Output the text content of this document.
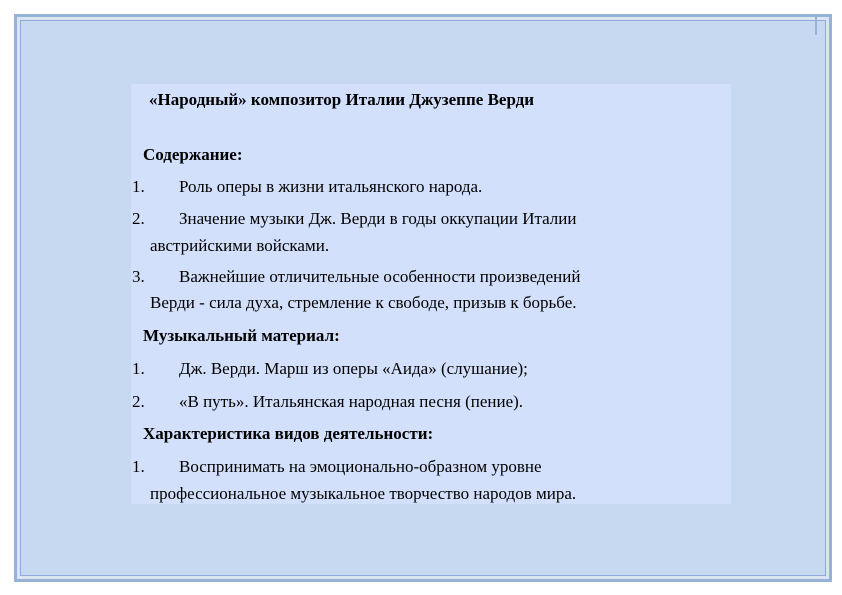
«Народный» композитор Италии Джузеппе Верди
Содержание:
1. Роль оперы в жизни итальянского народа.
2. Значение музыки Дж. Верди в годы оккупации Италии
австрийскими войсками.
3. Важнейшие отличительные особенности произведений
Верди - сила духа, стремление к свободе, призыв к борьбе.
Музыкальный материал:
1. Дж. Верди. Марш из оперы «Аида» (слушание);
2. «В путь». Итальянская народная песня (пение).
Характеристика видов деятельности:
1. Воспринимать на эмоционально-образном уровне
профессиональное музыкальное творчество народов мира.
